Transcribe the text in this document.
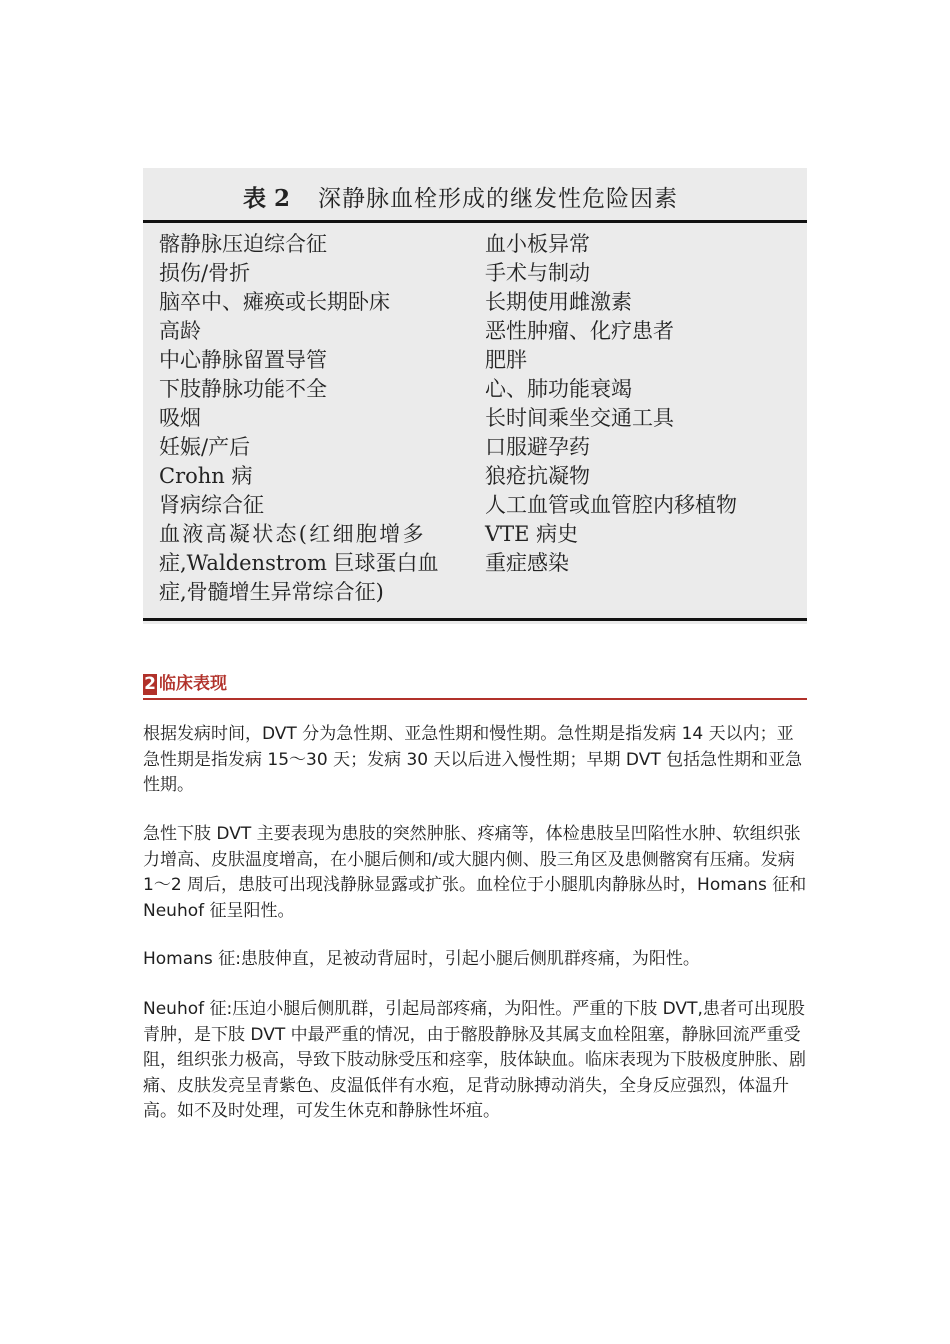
表 2 深静脉血栓形成的继发性危险因素
髂静脉压迫综合征
损伤/骨折
脑卒中、瘫痪或长期卧床
高龄
中心静脉留置导管
下肢静脉功能不全
吸烟
妊娠/产后
Crohn 病
肾病综合征
血液高凝状态(红细胞增多
症,Waldenstrom 巨球蛋白血
症,骨髓增生异常综合征)
血小板异常
手术与制动
长期使用雌激素
恶性肿瘤、化疗患者
肥胖
心、肺功能衰竭
长时间乘坐交通工具
口服避孕药
狼疮抗凝物
人工血管或血管腔内移植物
VTE 病史
重症感染
2 临床表现

根据发病时间，DVT 分为急性期、亚急性期和慢性期。急性期是指发病 14 天以内；亚急性期是指发病 15～30 天；发病 30 天以后进入慢性期；早期 DVT 包括急性期和亚急性期。

急性下肢 DVT 主要表现为患肢的突然肿胀、疼痛等，体检患肢呈凹陷性水肿、软组织张力增高、皮肤温度增高，在小腿后侧和/或大腿内侧、股三角区及患侧髂窝有压痛。发病 1～2 周后，患肢可出现浅静脉显露或扩张。血栓位于小腿肌肉静脉丛时，Homans 征和 Neuhof 征呈阳性。

Homans 征:患肢伸直，足被动背屈时，引起小腿后侧肌群疼痛，为阳性。

Neuhof 征:压迫小腿后侧肌群，引起局部疼痛，为阳性。严重的下肢 DVT,患者可出现股青肿，是下肢 DVT 中最严重的情况，由于髂股静脉及其属支血栓阻塞，静脉回流严重受阻，组织张力极高，导致下肢动脉受压和痉挛，肢体缺血。临床表现为下肢极度肿胀、剧痛、皮肤发亮呈青紫色、皮温低伴有水疱，足背动脉搏动消失，全身反应强烈，体温升高。如不及时处理，可发生休克和静脉性坏疽。
